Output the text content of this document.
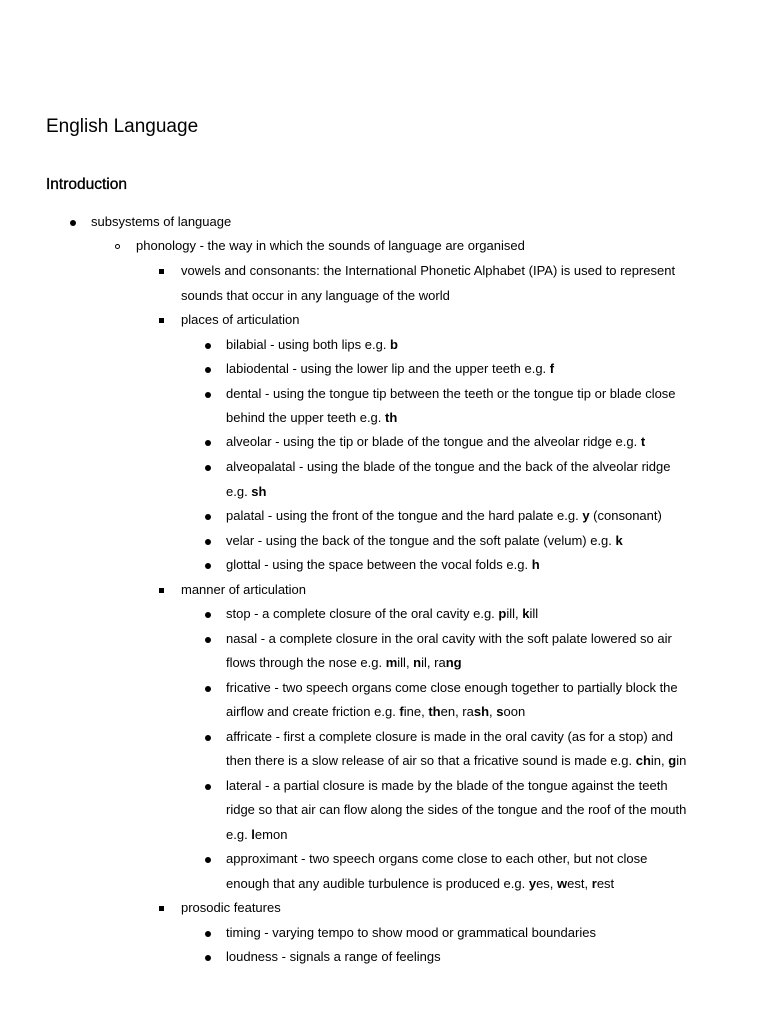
English Language
Introduction
subsystems of language
phonology - the way in which the sounds of language are organised
vowels and consonants: the International Phonetic Alphabet (IPA) is used to represent
sounds that occur in any language of the world
places of articulation
bilabial - using both lips e.g. b
labiodental - using the lower lip and the upper teeth e.g. f
dental - using the tongue tip between the teeth or the tongue tip or blade close
behind the upper teeth e.g. th
alveolar - using the tip or blade of the tongue and the alveolar ridge e.g. t
alveopalatal - using the blade of the tongue and the back of the alveolar ridge
e.g. sh
palatal - using the front of the tongue and the hard palate e.g. y (consonant)
velar - using the back of the tongue and the soft palate (velum) e.g. k
glottal - using the space between the vocal folds e.g. h
manner of articulation
stop - a complete closure of the oral cavity e.g. pill, kill
nasal - a complete closure in the oral cavity with the soft palate lowered so air
flows through the nose e.g. mill, nil, rang
fricative - two speech organs come close enough together to partially block the
airflow and create friction e.g. fine, then, rash, soon
affricate - first a complete closure is made in the oral cavity (as for a stop) and
then there is a slow release of air so that a fricative sound is made e.g. chin, gin
lateral - a partial closure is made by the blade of the tongue against the teeth
ridge so that air can flow along the sides of the tongue and the roof of the mouth
e.g. lemon
approximant - two speech organs come close to each other, but not close
enough that any audible turbulence is produced e.g. yes, west, rest
prosodic features
timing - varying tempo to show mood or grammatical boundaries
loudness - signals a range of feelings
